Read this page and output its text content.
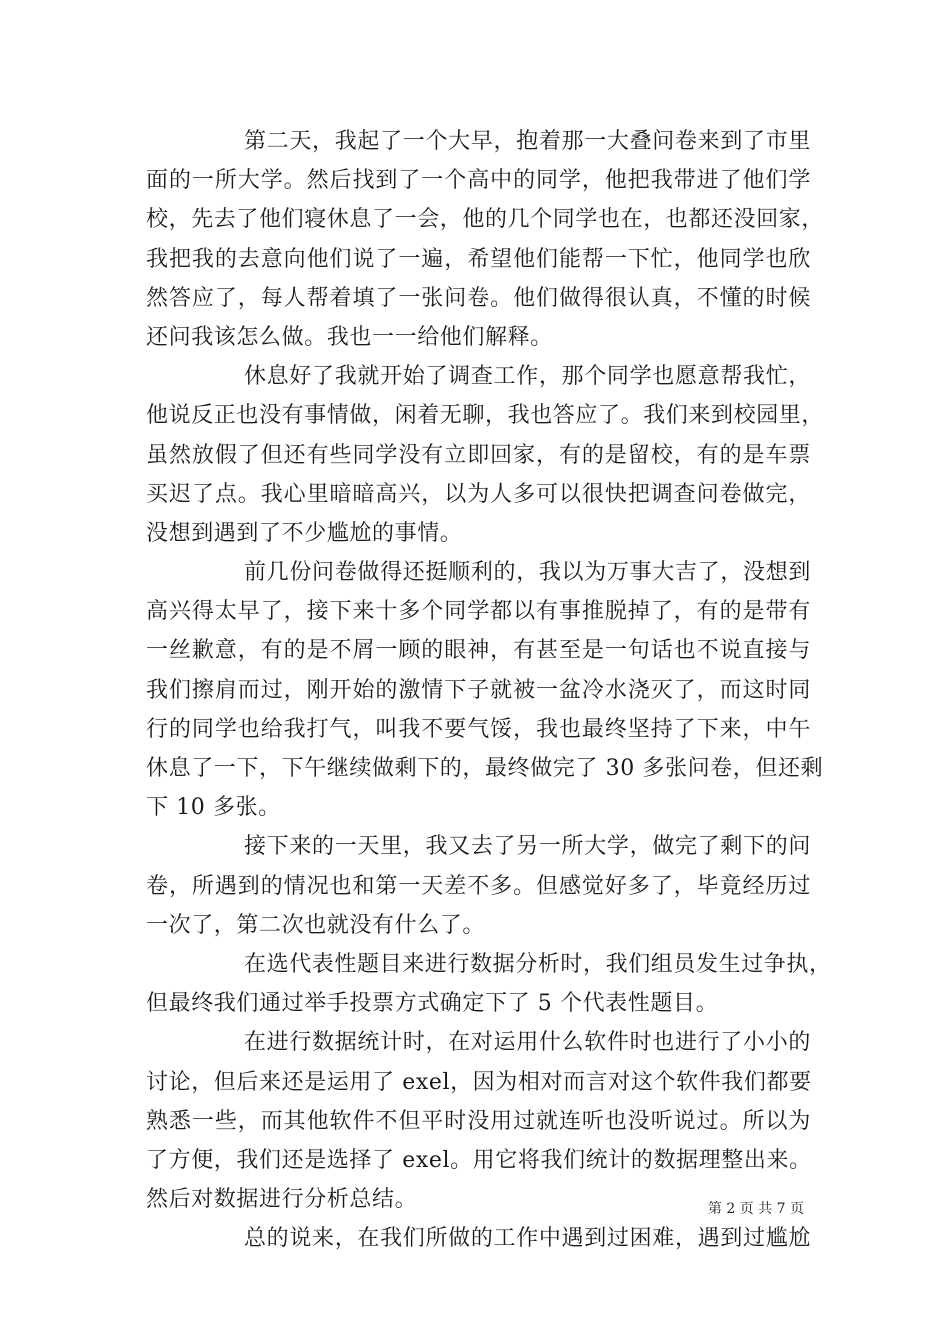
第二天，我起了一个大早，抱着那一大叠问卷来到了市里
面的一所大学。然后找到了一个高中的同学，他把我带进了他们学
校，先去了他们寝休息了一会，他的几个同学也在，也都还没回家，
我把我的去意向他们说了一遍，希望他们能帮一下忙，他同学也欣
然答应了，每人帮着填了一张问卷。他们做得很认真，不懂的时候
还问我该怎么做。我也一一给他们解释。
休息好了我就开始了调查工作，那个同学也愿意帮我忙，
他说反正也没有事情做，闲着无聊，我也答应了。我们来到校园里，
虽然放假了但还有些同学没有立即回家，有的是留校，有的是车票
买迟了点。我心里暗暗高兴，以为人多可以很快把调查问卷做完，
没想到遇到了不少尴尬的事情。
前几份问卷做得还挺顺利的，我以为万事大吉了，没想到
高兴得太早了，接下来十多个同学都以有事推脱掉了，有的是带有
一丝歉意，有的是不屑一顾的眼神，有甚至是一句话也不说直接与
我们擦肩而过，刚开始的激情下子就被一盆冷水浇灭了，而这时同
行的同学也给我打气，叫我不要气馁，我也最终坚持了下来，中午
休息了一下，下午继续做剩下的，最终做完了 30 多张问卷，但还剩
下 10 多张。
接下来的一天里，我又去了另一所大学，做完了剩下的问
卷，所遇到的情况也和第一天差不多。但感觉好多了，毕竟经历过
一次了，第二次也就没有什么了。
在选代表性题目来进行数据分析时，我们组员发生过争执，
但最终我们通过举手投票方式确定下了 5 个代表性题目。
在进行数据统计时，在对运用什么软件时也进行了小小的
讨论，但后来还是运用了 exel，因为相对而言对这个软件我们都要
熟悉一些，而其他软件不但平时没用过就连听也没听说过。所以为
了方便，我们还是选择了 exel。用它将我们统计的数据理整出来。
然后对数据进行分析总结。
总的说来，在我们所做的工作中遇到过困难，遇到过尴尬
第 2 页 共 7 页
